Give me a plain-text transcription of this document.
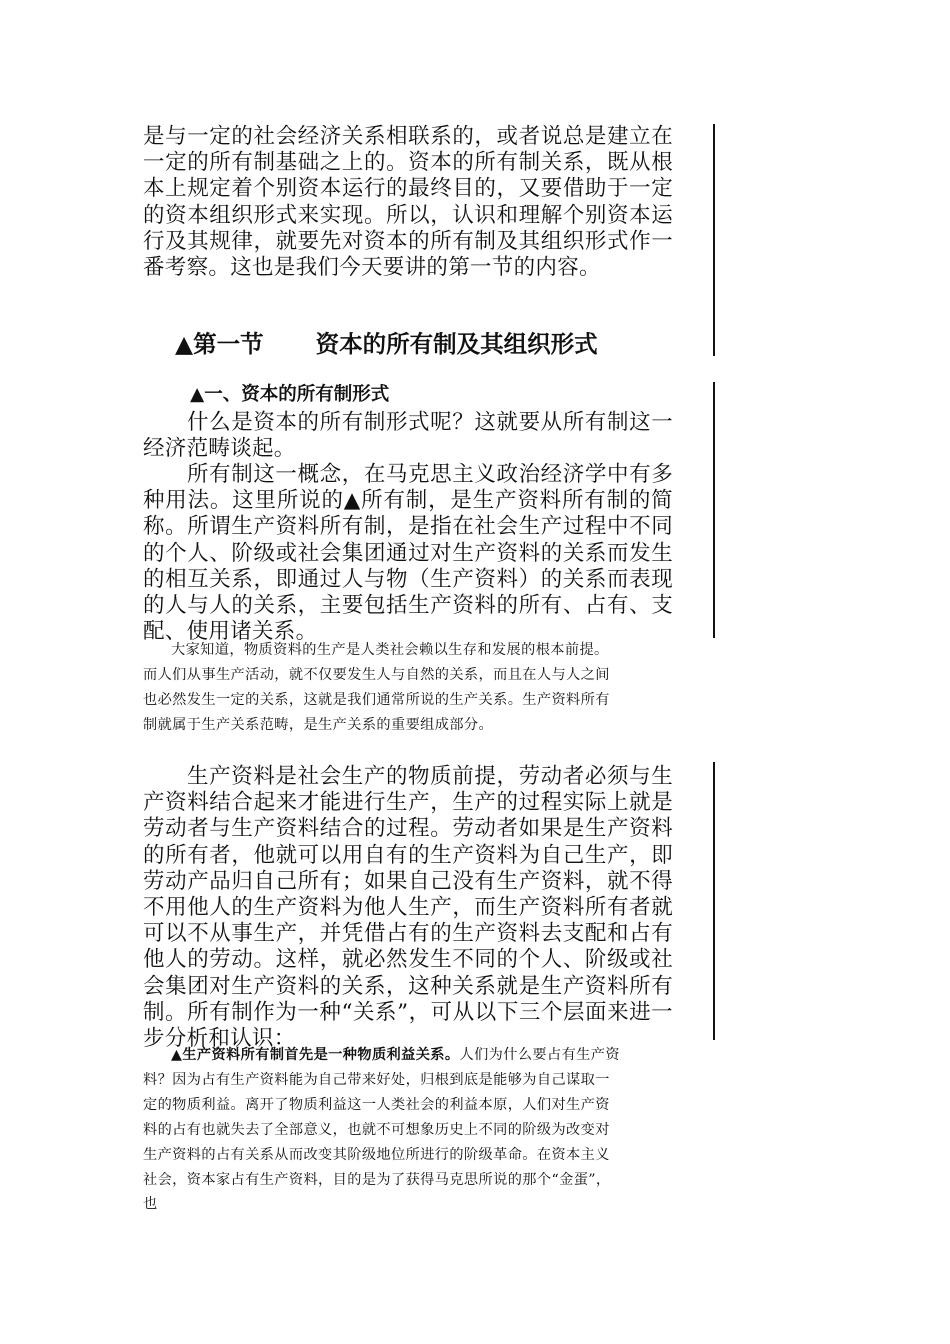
是与一定的社会经济关系相联系的，或者说总是建立在一定的所有制基础之上的。资本的所有制关系，既从根本上规定着个别资本运行的最终目的，又要借助于一定的资本组织形式来实现。所以，认识和理解个别资本运行及其规律，就要先对资本的所有制及其组织形式作一番考察。这也是我们今天要讲的第一节的内容。

▲第一节 资本的所有制及其组织形式
▲一、资本的所有制形式

什么是资本的所有制形式呢？这就要从所有制这一经济范畴谈起。

所有制这一概念，在马克思主义政治经济学中有多种用法。这里所说的▲所有制，是生产资料所有制的简称。所谓生产资料所有制，是指在社会生产过程中不同的个人、阶级或社会集团通过对生产资料的关系而发生的相互关系，即通过人与物（生产资料）的关系而表现的人与人的关系，主要包括生产资料的所有、占有、支配、使用诸关系。

大家知道，物质资料的生产是人类社会赖以生存和发展的根本前提。而人们从事生产活动，就不仅要发生人与自然的关系，而且在人与人之间也必然发生一定的关系，这就是我们通常所说的生产关系。生产资料所有制就属于生产关系范畴，是生产关系的重要组成部分。

生产资料是社会生产的物质前提，劳动者必须与生产资料结合起来才能进行生产，生产的过程实际上就是劳动者与生产资料结合的过程。劳动者如果是生产资料的所有者，他就可以用自有的生产资料为自己生产，即劳动产品归自己所有；如果自己没有生产资料，就不得不用他人的生产资料为他人生产，而生产资料所有者就可以不从事生产，并凭借占有的生产资料去支配和占有他人的劳动。这样，就必然发生不同的个人、阶级或社会集团对生产资料的关系，这种关系就是生产资料所有制。所有制作为一种“关系”，可从以下三个层面来进一步分析和认识：

▲生产资料所有制首先是一种物质利益关系。人们为什么要占有生产资料？因为占有生产资料能为自己带来好处，归根到底是能够为自己谋取一定的物质利益。离开了物质利益这一人类社会的利益本原，人们对生产资料的占有也就失去了全部意义，也就不可想象历史上不同的阶级为改变对生产资料的占有关系从而改变其阶级地位所进行的阶级革命。在资本主义社会，资本家占有生产资料，目的是为了获得马克思所说的那个“金蛋”，也
